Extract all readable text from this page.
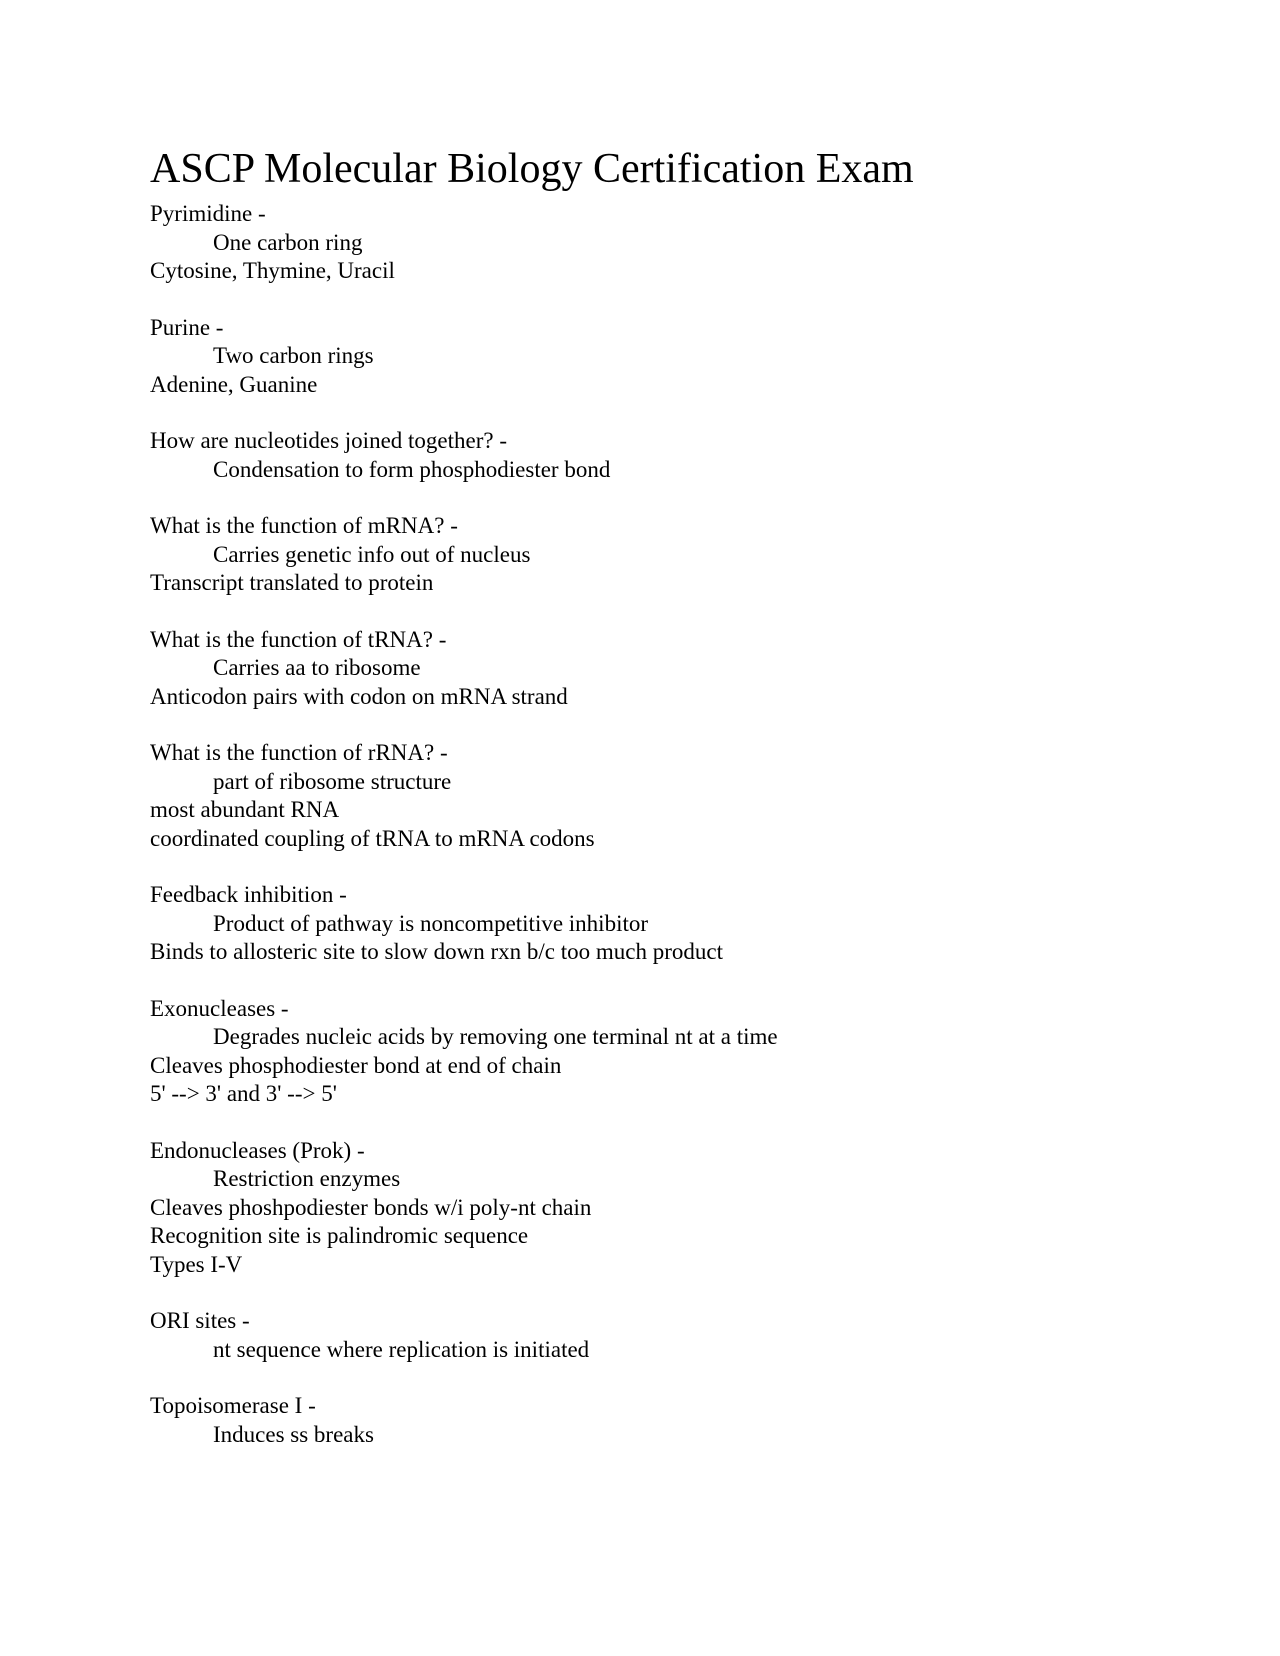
ASCP Molecular Biology Certification Exam
Pyrimidine -
One carbon ring
Cytosine, Thymine, Uracil
Purine -
Two carbon rings
Adenine, Guanine
How are nucleotides joined together? -
Condensation to form phosphodiester bond
What is the function of mRNA? -
Carries genetic info out of nucleus
Transcript translated to protein
What is the function of tRNA? -
Carries aa to ribosome
Anticodon pairs with codon on mRNA strand
What is the function of rRNA? -
part of ribosome structure
most abundant RNA
coordinated coupling of tRNA to mRNA codons
Feedback inhibition -
Product of pathway is noncompetitive inhibitor
Binds to allosteric site to slow down rxn b/c too much product
Exonucleases -
Degrades nucleic acids by removing one terminal nt at a time
Cleaves phosphodiester bond at end of chain
5' --> 3' and 3' --> 5'
Endonucleases (Prok) -
Restriction enzymes
Cleaves phoshpodiester bonds w/i poly-nt chain
Recognition site is palindromic sequence
Types I-V
ORI sites -
nt sequence where replication is initiated
Topoisomerase I -
Induces ss breaks
